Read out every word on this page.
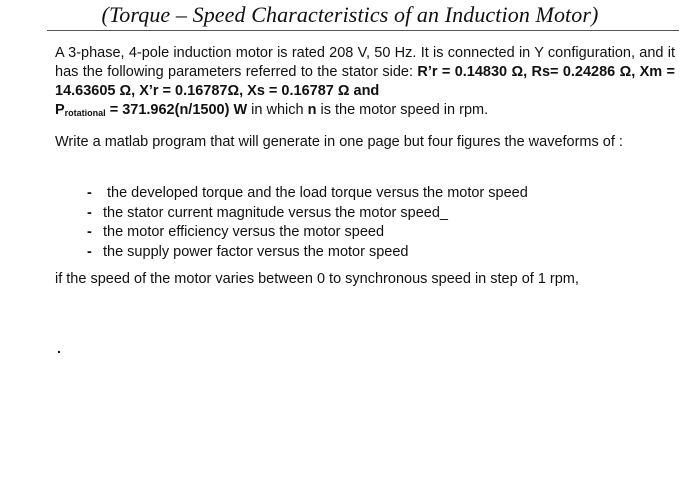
(Torque – Speed Characteristics of an Induction Motor)
A 3-phase, 4-pole induction motor is rated 208 V, 50 Hz. It is connected in Y configuration, and it has the following parameters referred to the stator side: R’r = 0.14830 Ω, Rs= 0.24286 Ω, Xm = 14.63605 Ω, X’r = 0.16787Ω, Xs = 0.16787 Ω and
$P_{rotational} = 371.962(n/1500)$ W in which n is the motor speed in rpm.
Write a matlab program that will generate in one page but four figures the waveforms of :
- the developed torque and the load torque versus the motor speed
- the stator current magnitude versus the motor speed_
- the motor efficiency versus the motor speed
- the supply power factor versus the motor speed
if the speed of the motor varies between 0 to synchronous speed in step of 1 rpm,
.
